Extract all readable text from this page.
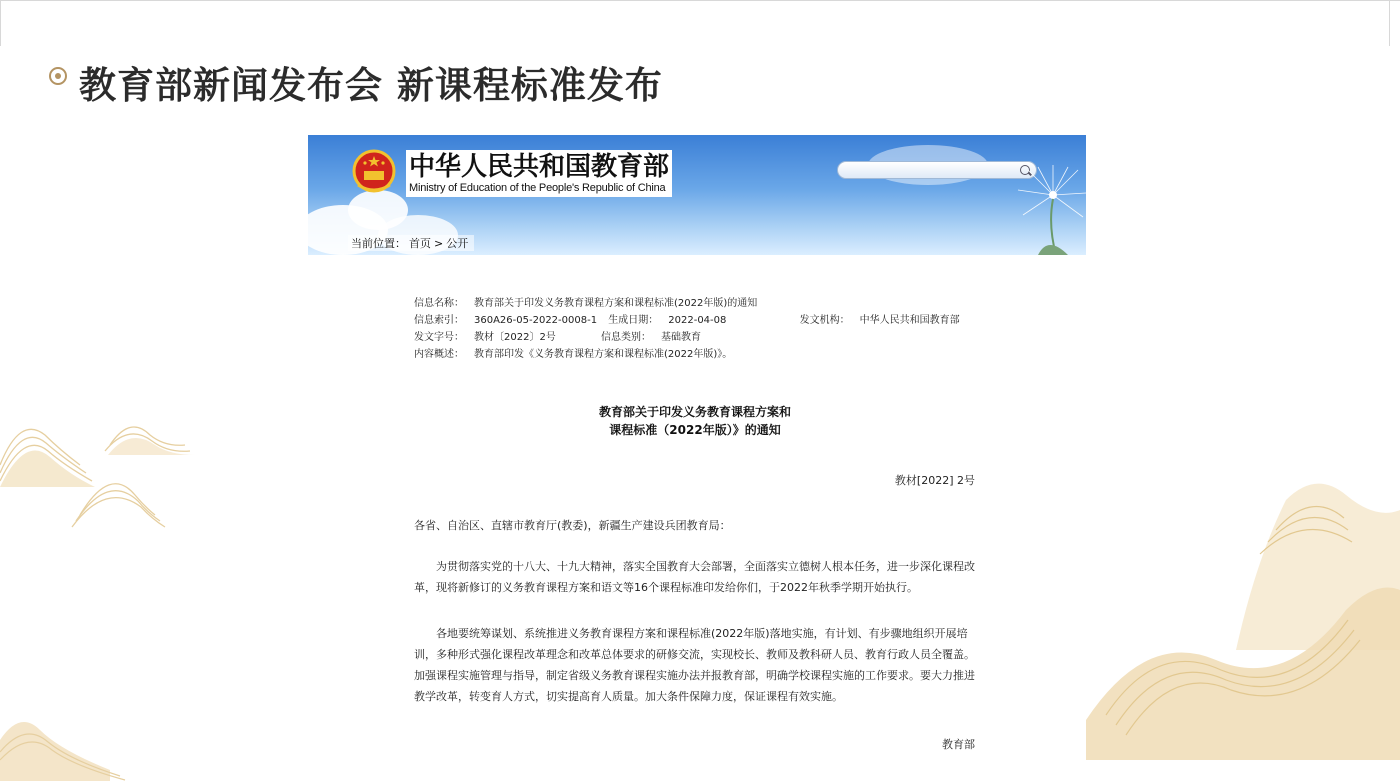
教育部新闻发布会 新课程标准发布
中华人民共和国教育部
Ministry of Education of the People's Republic of China
当前位置： 首页 > 公开
信息名称： 教育部关于印发义务教育课程方案和课程标准(2022年版)的通知
信息索引： 360A26-05-2022-0008-1 生成日期： 2022-04-08	发文机构： 中华人民共和国教育部
发文字号： 教材〔2022〕2号	信息类别： 基础教育
内容概述： 教育部印发《义务教育课程方案和课程标准(2022年版)》。
教育部关于印发义务教育课程方案和
课程标准（2022年版）》的通知
教材[2022] 2号
各省、自治区、直辖市教育厅(教委)，新疆生产建设兵团教育局：
为贯彻落实党的十八大、十九大精神，落实全国教育大会部署，全面落实立德树人根本任务，进一步深化课程改革，现将新修订的义务教育课程方案和语文等16个课程标准印发给你们，于2022年秋季学期开始执行。
各地要统筹谋划、系统推进义务教育课程方案和课程标准(2022年版)落地实施，有计划、有步骤地组织开展培训，多种形式强化课程改革理念和改革总体要求的研修交流，实现校长、教师及教科研人员、教育行政人员全覆盖。加强课程实施管理与指导，制定省级义务教育课程实施办法并报教育部，明确学校课程实施的工作要求。要大力推进教学改革，转变育人方式，切实提高育人质量。加大条件保障力度，保证课程有效实施。
教育部
